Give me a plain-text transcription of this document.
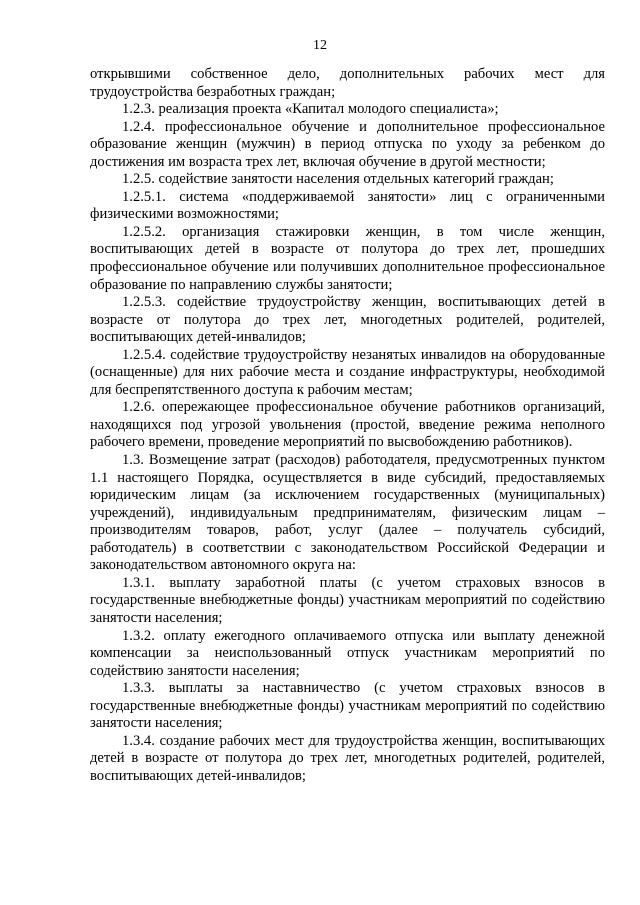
12

открывшими собственное дело, дополнительных рабочих мест для трудоустройства безработных граждан;

1.2.3. реализация проекта «Капитал молодого специалиста»;

1.2.4. профессиональное обучение и дополнительное профессиональное образование женщин (мужчин) в период отпуска по уходу за ребенком до достижения им возраста трех лет, включая обучение в другой местности;

1.2.5. содействие занятости населения отдельных категорий граждан;

1.2.5.1. система «поддерживаемой занятости» лиц с ограниченными физическими возможностями;

1.2.5.2. организация стажировки женщин, в том числе женщин, воспитывающих детей в возрасте от полутора до трех лет, прошедших профессиональное обучение или получивших дополнительное профессиональное образование по направлению службы занятости;

1.2.5.3. содействие трудоустройству женщин, воспитывающих детей в возрасте от полутора до трех лет, многодетных родителей, родителей, воспитывающих детей-инвалидов;

1.2.5.4. содействие трудоустройству незанятых инвалидов на оборудованные (оснащенные) для них рабочие места и создание инфраструктуры, необходимой для беспрепятственного доступа к рабочим местам;

1.2.6. опережающее профессиональное обучение работников организаций, находящихся под угрозой увольнения (простой, введение режима неполного рабочего времени, проведение мероприятий по высвобождению работников).

1.3. Возмещение затрат (расходов) работодателя, предусмотренных пунктом 1.1 настоящего Порядка, осуществляется в виде субсидий, предоставляемых юридическим лицам (за исключением государственных (муниципальных) учреждений), индивидуальным предпринимателям, физическим лицам – производителям товаров, работ, услуг (далее – получатель субсидий, работодатель) в соответствии с законодательством Российской Федерации и законодательством автономного округа на:

1.3.1. выплату заработной платы (с учетом страховых взносов в государственные внебюджетные фонды) участникам мероприятий по содействию занятости населения;

1.3.2. оплату ежегодного оплачиваемого отпуска или выплату денежной компенсации за неиспользованный отпуск участникам мероприятий по содействию занятости населения;

1.3.3. выплаты за наставничество (с учетом страховых взносов в государственные внебюджетные фонды) участникам мероприятий по содействию занятости населения;

1.3.4. создание рабочих мест для трудоустройства женщин, воспитывающих детей в возрасте от полутора до трех лет, многодетных родителей, родителей, воспитывающих детей-инвалидов;
